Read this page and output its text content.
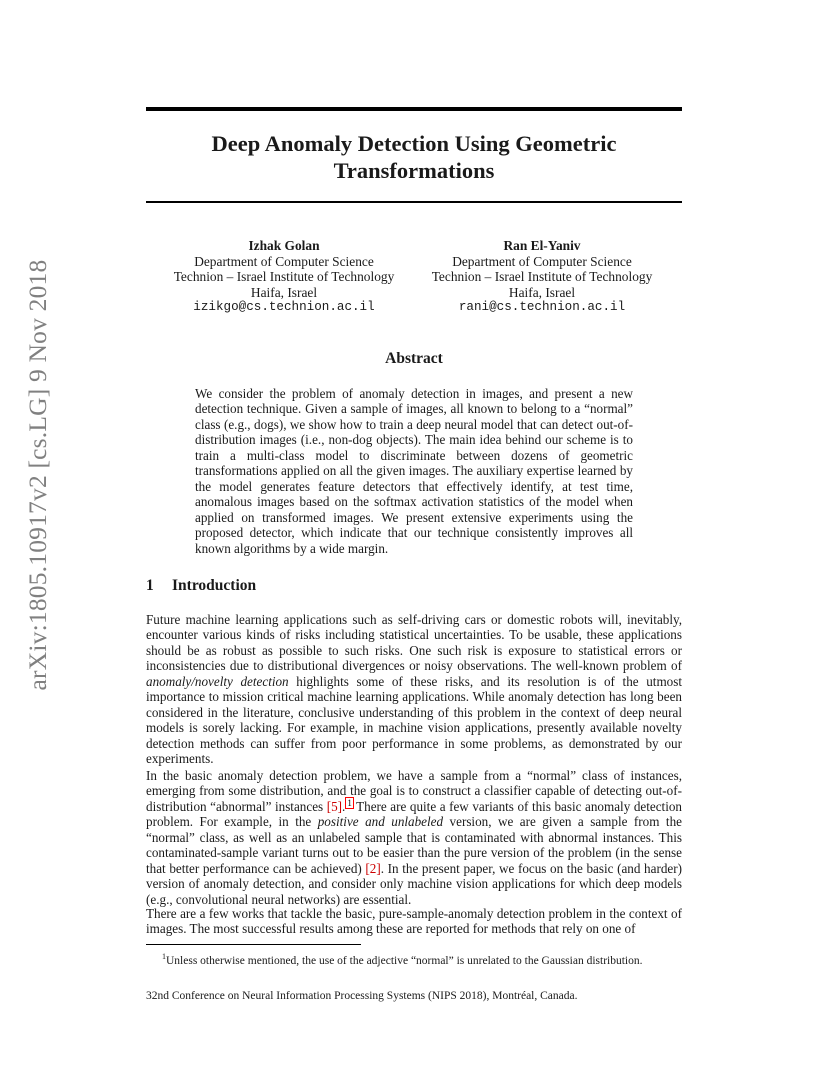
arXiv:1805.10917v2 [cs.LG] 9 Nov 2018
Deep Anomaly Detection Using Geometric
Transformations
Izhak Golan
Department of Computer Science
Technion – Israel Institute of Technology
Haifa, Israel
izikgo@cs.technion.ac.il
Ran El-Yaniv
Department of Computer Science
Technion – Israel Institute of Technology
Haifa, Israel
rani@cs.technion.ac.il
Abstract
We consider the problem of anomaly detection in images, and present a new detection technique. Given a sample of images, all known to belong to a “normal” class (e.g., dogs), we show how to train a deep neural model that can detect out-of-distribution images (i.e., non-dog objects). The main idea behind our scheme is to train a multi-class model to discriminate between dozens of geometric transformations applied on all the given images. The auxiliary expertise learned by the model generates feature detectors that effectively identify, at test time, anomalous images based on the softmax activation statistics of the model when applied on transformed images. We present extensive experiments using the proposed detector, which indicate that our technique consistently improves all known algorithms by a wide margin.
1 Introduction
Future machine learning applications such as self-driving cars or domestic robots will, inevitably, encounter various kinds of risks including statistical uncertainties. To be usable, these applications should be as robust as possible to such risks. One such risk is exposure to statistical errors or inconsistencies due to distributional divergences or noisy observations. The well-known problem of anomaly/novelty detection highlights some of these risks, and its resolution is of the utmost importance to mission critical machine learning applications. While anomaly detection has long been considered in the literature, conclusive understanding of this problem in the context of deep neural models is sorely lacking. For example, in machine vision applications, presently available novelty detection methods can suffer from poor performance in some problems, as demonstrated by our experiments.
In the basic anomaly detection problem, we have a sample from a “normal” class of instances, emerging from some distribution, and the goal is to construct a classifier capable of detecting out-of-distribution “abnormal” instances [5]. $^1$ There are quite a few variants of this basic anomaly detection problem. For example, in the positive and unlabeled version, we are given a sample from the “normal” class, as well as an unlabeled sample that is contaminated with abnormal instances. This contaminated-sample variant turns out to be easier than the pure version of the problem (in the sense that better performance can be achieved) [2]. In the present paper, we focus on the basic (and harder) version of anomaly detection, and consider only machine vision applications for which deep models (e.g., convolutional neural networks) are essential.
There are a few works that tackle the basic, pure-sample-anomaly detection problem in the context of images. The most successful results among these are reported for methods that rely on one of
$^1$Unless otherwise mentioned, the use of the adjective “normal” is unrelated to the Gaussian distribution.
32nd Conference on Neural Information Processing Systems (NIPS 2018), Montréal, Canada.
